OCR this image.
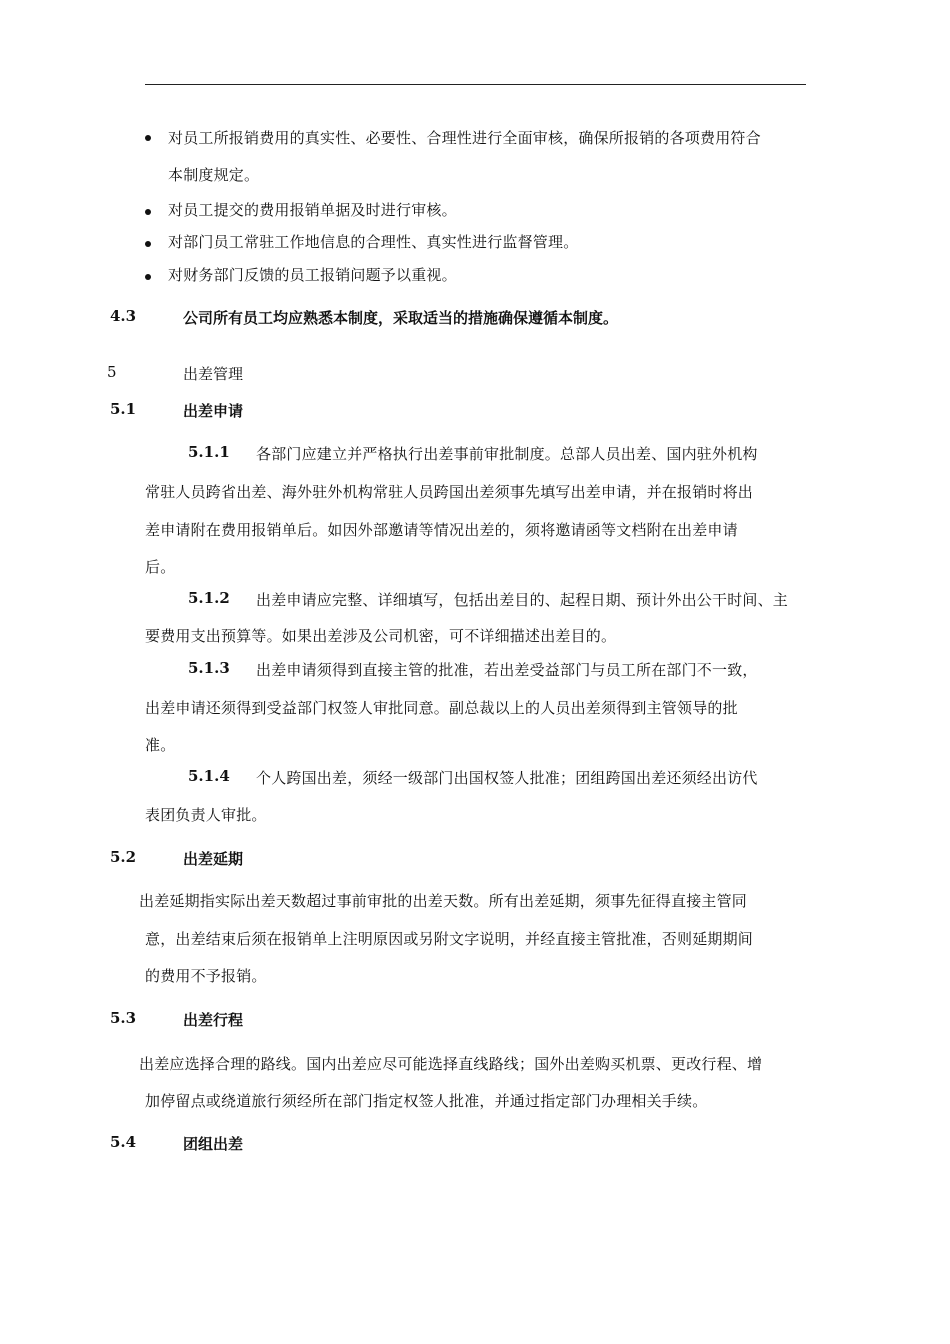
对员工所报销费用的真实性、必要性、合理性进行全面审核，确保所报销的各项费用符合
本制度规定。
对员工提交的费用报销单据及时进行审核。
对部门员工常驻工作地信息的合理性、真实性进行监督管理。
对财务部门反馈的员工报销问题予以重视。
4.3	公司所有员工均应熟悉本制度，采取适当的措施确保遵循本制度。
5	出差管理
5.1	出差申请
5.1.1 各部门应建立并严格执行出差事前审批制度。总部人员出差、国内驻外机构
常驻人员跨省出差、海外驻外机构常驻人员跨国出差须事先填写出差申请，并在报销时将出
差申请附在费用报销单后。如因外部邀请等情况出差的，须将邀请函等文档附在出差申请
后。
5.1.2 出差申请应完整、详细填写，包括出差目的、起程日期、预计外出公干时间、主
要费用支出预算等。如果出差涉及公司机密，可不详细描述出差目的。
5.1.3 出差申请须得到直接主管的批准，若出差受益部门与员工所在部门不一致，
出差申请还须得到受益部门权签人审批同意。副总裁以上的人员出差须得到主管领导的批
准。
5.1.4 个人跨国出差，须经一级部门出国权签人批准；团组跨国出差还须经出访代
表团负责人审批。
5.2	出差延期
出差延期指实际出差天数超过事前审批的出差天数。所有出差延期，须事先征得直接主管同
意，出差结束后须在报销单上注明原因或另附文字说明，并经直接主管批准，否则延期期间
的费用不予报销。
5.3	出差行程
出差应选择合理的路线。国内出差应尽可能选择直线路线；国外出差购买机票、更改行程、增
加停留点或绕道旅行须经所在部门指定权签人批准，并通过指定部门办理相关手续。
5.4	团组出差
